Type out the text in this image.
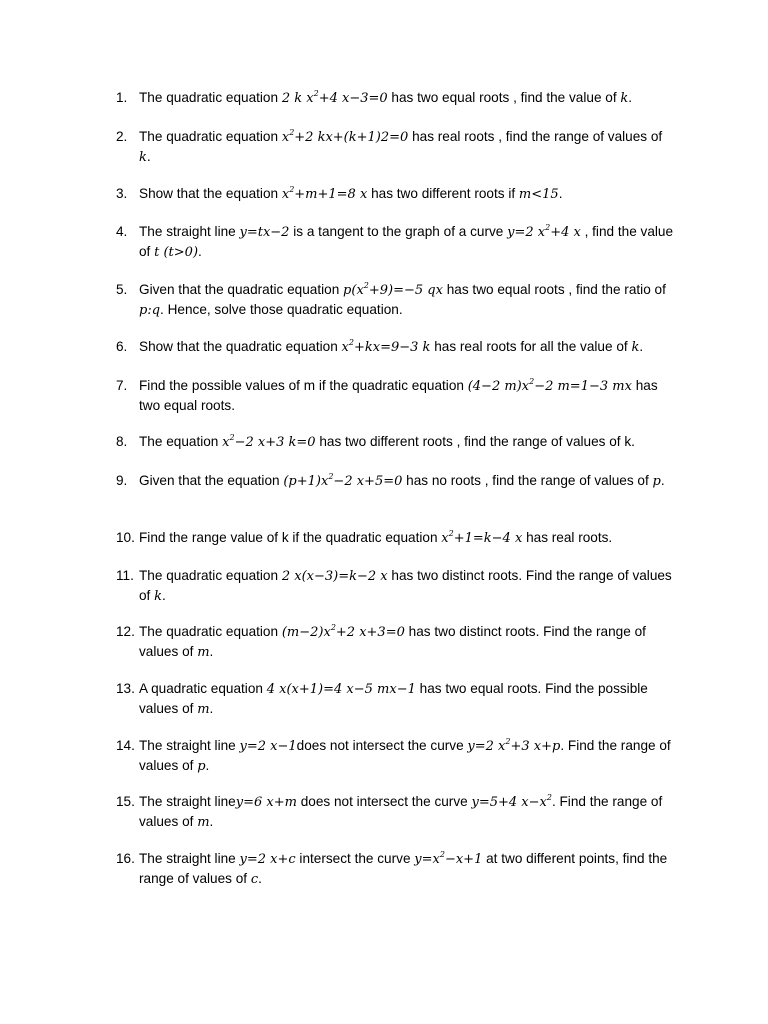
1. The quadratic equation 2 k $x^2+4$ x−3=0 has two equal roots , find the value of k.
2. The quadratic equation $x^2+2$ kx+(k+1)2=0 has real roots , find the range of values of k.
3. Show that the equation $x^2+m+1=8$ x has two different roots if m<15.
4. The straight line y=tx−2 is a tangent to the graph of a curve y=2 $x^2+4$ x , find the value of t (t>0).
5. Given that the quadratic equation $p(x^2+9)=-5$ qx has two equal roots , find the ratio of p:q. Hence, solve those quadratic equation.
6. Show that the quadratic equation $x^2+kx=9-3$ k has real roots for all the value of k.
7. Find the possible values of m if the quadratic equation (4−2 $m)x^2-2$ m=1−3 mx has two equal roots.
8. The equation $x^2-2$ x+3 k=0 has two different roots , find the range of values of k.
9. Given that the equation $(p+1)x^2-2$ x+5=0 has no roots , find the range of values of p.
10. Find the range value of k if the quadratic equation $x^2+1=k-4$ x has real roots.
11. The quadratic equation 2 x(x−3)=k−2 x has two distinct roots. Find the range of values of k.
12. The quadratic equation $(m-2)x^2+2$ x+3=0 has two distinct roots. Find the range of values of m.
13. A quadratic equation 4 x(x+1)=4 x−5 mx−1 has two equal roots. Find the possible values of m.
14. The straight line y=2 x−1does not intersect the curve y=2 $x^2+3$ x+p. Find the range of values of p.
15. The straight liney=6 x+m does not intersect the curve y=5+4 $x-x^2$. Find the range of values of m.
16. The straight line y=2 x+c intersect the curve $y=x^2-x+1$ at two different points, find the range of values of c.
